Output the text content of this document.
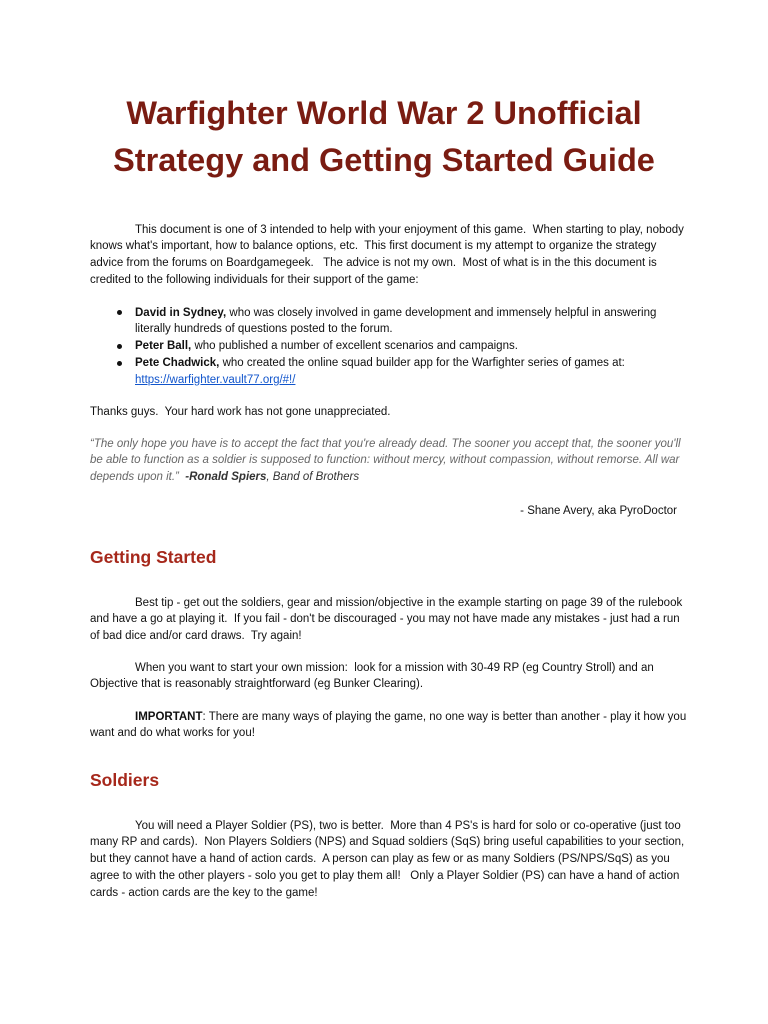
Warfighter World War 2 Unofficial
Strategy and Getting Started Guide
This document is one of 3 intended to help with your enjoyment of this game.  When starting to play, nobody
knows what's important, how to balance options, etc.  This first document is my attempt to organize the strategy
advice from the forums on Boardgamegeek.   The advice is not my own.  Most of what is in the this document is
credited to the following individuals for their support of the game:
David in Sydney, who was closely involved in game development and immensely helpful in answering
literally hundreds of questions posted to the forum.
Peter Ball, who published a number of excellent scenarios and campaigns.
Pete Chadwick, who created the online squad builder app for the Warfighter series of games at:
https://warfighter.vault77.org/#!/
Thanks guys.  Your hard work has not gone unappreciated.
“The only hope you have is to accept the fact that you're already dead. The sooner you accept that, the sooner you'll
be able to function as a soldier is supposed to function: without mercy, without compassion, without remorse. All war
depends upon it.”  -Ronald Spiers, Band of Brothers
- Shane Avery, aka PyroDoctor
Getting Started
Best tip - get out the soldiers, gear and mission/objective in the example starting on page 39 of the rulebook
and have a go at playing it.  If you fail - don't be discouraged - you may not have made any mistakes - just had a run
of bad dice and/or card draws.  Try again!
When you want to start your own mission:  look for a mission with 30-49 RP (eg Country Stroll) and an
Objective that is reasonably straightforward (eg Bunker Clearing).
IMPORTANT: There are many ways of playing the game, no one way is better than another - play it how you
want and do what works for you!
Soldiers
You will need a Player Soldier (PS), two is better.  More than 4 PS's is hard for solo or co-operative (just too
many RP and cards).  Non Players Soldiers (NPS) and Squad soldiers (SqS) bring useful capabilities to your section,
but they cannot have a hand of action cards.  A person can play as few or as many Soldiers (PS/NPS/SqS) as you
agree to with the other players - solo you get to play them all!   Only a Player Soldier (PS) can have a hand of action
cards - action cards are the key to the game!
